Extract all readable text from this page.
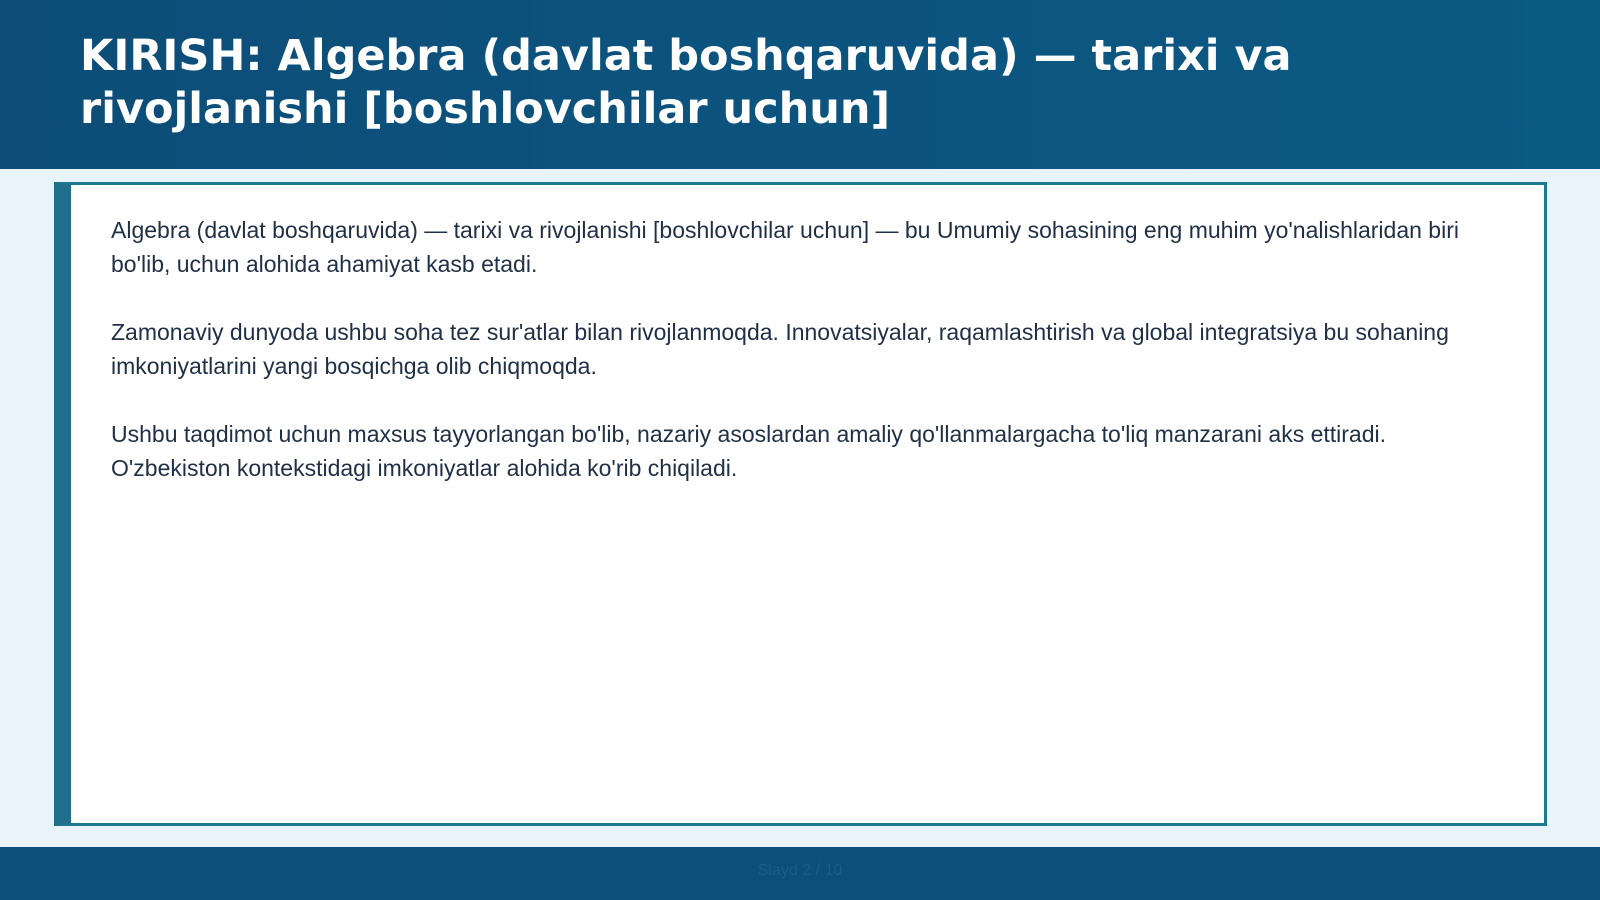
KIRISH: Algebra (davlat boshqaruvida) — tarixi va rivojlanishi [boshlovchilar uchun]

Algebra (davlat boshqaruvida) — tarixi va rivojlanishi [boshlovchilar uchun] — bu Umumiy sohasining eng muhim yo'nalishlaridan biri bo'lib, uchun alohida ahamiyat kasb etadi.

Zamonaviy dunyoda ushbu soha tez sur'atlar bilan rivojlanmoqda. Innovatsiyalar, raqamlashtirish va global integratsiya bu sohaning imkoniyatlarini yangi bosqichga olib chiqmoqda.

Ushbu taqdimot uchun maxsus tayyorlangan bo'lib, nazariy asoslardan amaliy qo'llanmalargacha to'liq manzarani aks ettiradi. O'zbekiston kontekstidagi imkoniyatlar alohida ko'rib chiqiladi.

Slayd 2 / 10
